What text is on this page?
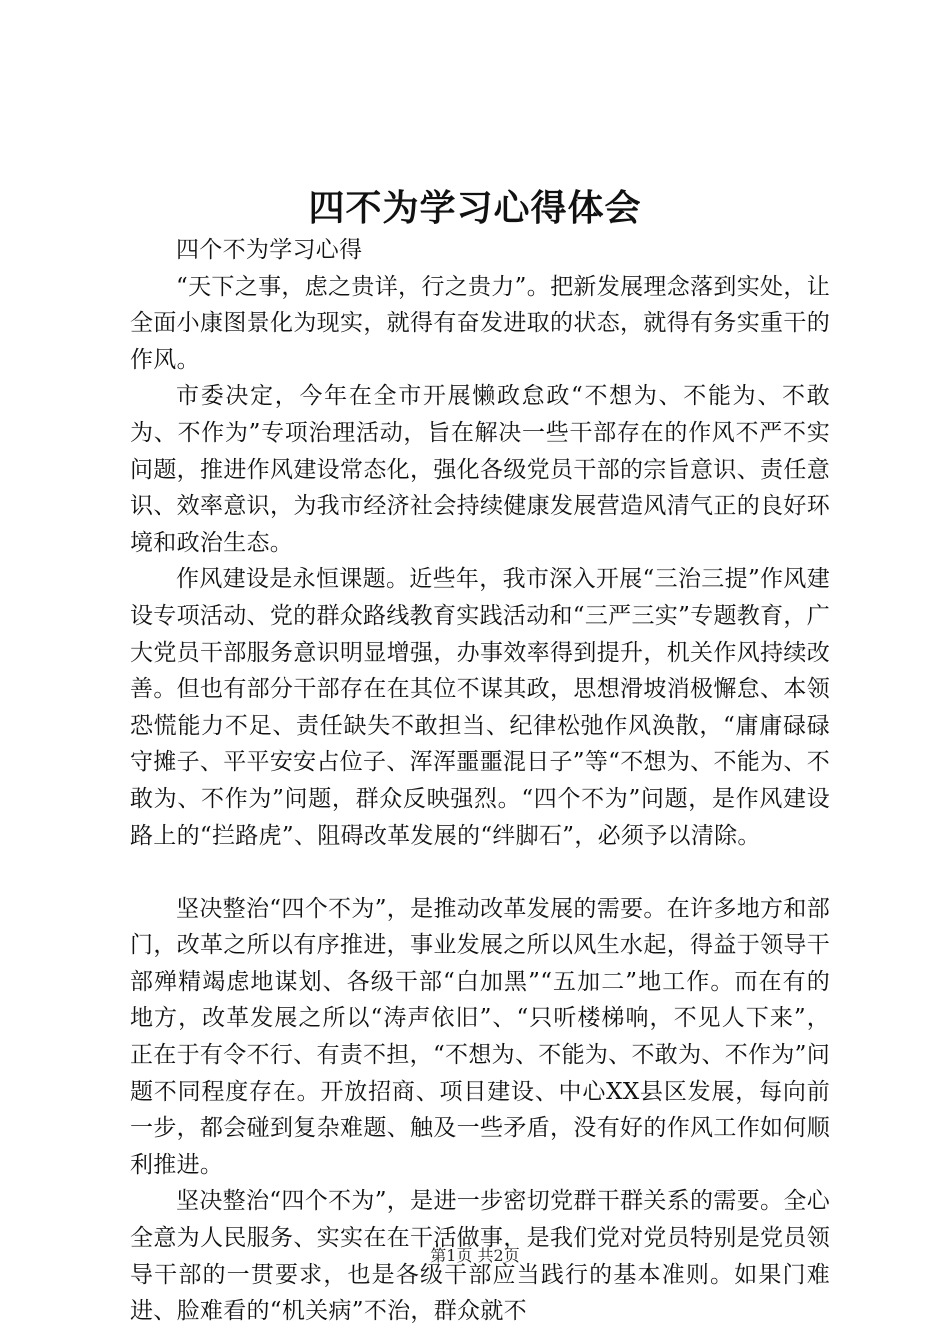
四不为学习心得体会

四个不为学习心得

“天下之事，虑之贵详，行之贵力”。把新发展理念落到实处，让全面小康图景化为现实，就得有奋发进取的状态，就得有务实重干的作风。

市委决定，今年在全市开展懒政怠政“不想为、不能为、不敢为、不作为”专项治理活动，旨在解决一些干部存在的作风不严不实问题，推进作风建设常态化，强化各级党员干部的宗旨意识、责任意识、效率意识，为我市经济社会持续健康发展营造风清气正的良好环境和政治生态。

作风建设是永恒课题。近些年，我市深入开展“三治三提”作风建设专项活动、党的群众路线教育实践活动和“三严三实”专题教育，广大党员干部服务意识明显增强，办事效率得到提升，机关作风持续改善。但也有部分干部存在在其位不谋其政，思想滑坡消极懈怠、本领恐慌能力不足、责任缺失不敢担当、纪律松弛作风涣散，“庸庸碌碌守摊子、平平安安占位子、浑浑噩噩混日子”等“不想为、不能为、不敢为、不作为”问题，群众反映强烈。“四个不为”问题，是作风建设路上的“拦路虎”、阻碍改革发展的“绊脚石”，必须予以清除。

坚决整治“四个不为”，是推动改革发展的需要。在许多地方和部门，改革之所以有序推进，事业发展之所以风生水起，得益于领导干部殚精竭虑地谋划、各级干部“白加黑”“五加二”地工作。而在有的地方，改革发展之所以“涛声依旧”、“只听楼梯响，不见人下来”，正在于有令不行、有责不担，“不想为、不能为、不敢为、不作为”问题不同程度存在。开放招商、项目建设、中心XX县区发展，每向前一步，都会碰到复杂难题、触及一些矛盾，没有好的作风工作如何顺利推进。

坚决整治“四个不为”，是进一步密切党群干群关系的需要。全心全意为人民服务、实实在在干活做事，是我们党对党员特别是党员领导干部的一贯要求，也是各级干部应当践行的基本准则。如果门难进、脸难看的“机关病”不治，群众就不

第1页 共2页
